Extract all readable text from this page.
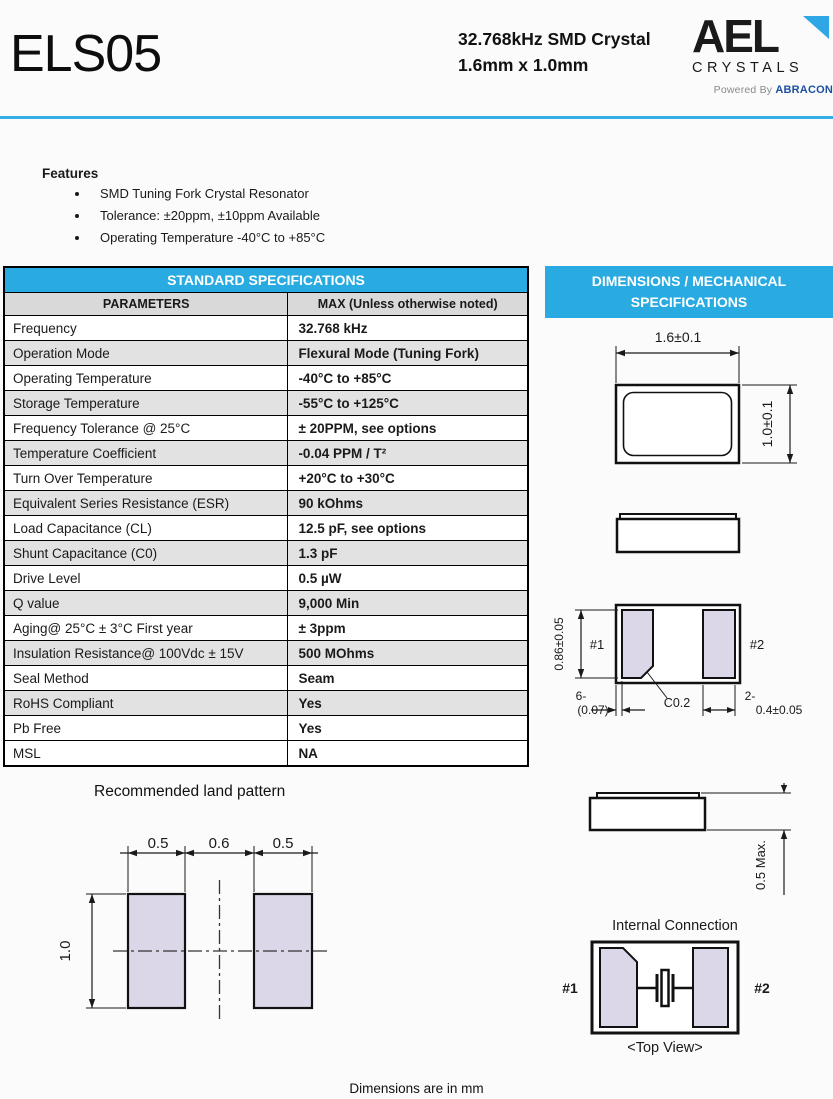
ELS05	32.768kHz SMD Crystal
1.6mm x 1.0mm
AEL
CRYSTALS
Powered By ABRACON
Features
• SMD Tuning Fork Crystal Resonator
• Tolerance: ±20ppm, ±10ppm Available
• Operating Temperature -40°C to +85°C
STANDARD SPECIFICATIONS	
PARAMETERS	MAX (Unless otherwise noted)
Frequency	32.768 kHz
Operation Mode	Flexural Mode (Tuning Fork)
Operating Temperature	-40°C to +85°C
Storage Temperature	-55°C to +125°C
Frequency Tolerance @ 25°C	± 20PPM, see options
Temperature Coefficient	-0.04 PPM / T²
Turn Over Temperature	+20°C to +30°C
Equivalent Series Resistance (ESR)	90 kOhms
Load Capacitance (CL)	12.5 pF, see options
Shunt Capacitance (C0)	1.3 pF
Drive Level	0.5 µW
Q value	9,000 Min
Aging@ 25°C ± 3°C First year	± 3ppm
Insulation Resistance@ 100Vdc ± 15V	500 MOhms
Seal Method	Seam
RoHS Compliant	Yes
Pb Free	Yes
MSL	NA
DIMENSIONS / MECHANICAL
SPECIFICATIONS
1.6±0.1
1.0±0.1
#1	#2
0.86±0.05
6-
(0.07)	C0.2	2-
0.4±0.05
0.5 Max.
Internal Connection
#1	#2
<Top View>
Recommended land pattern
0.5	0.6	0.5
1.0
Dimensions are in mm
